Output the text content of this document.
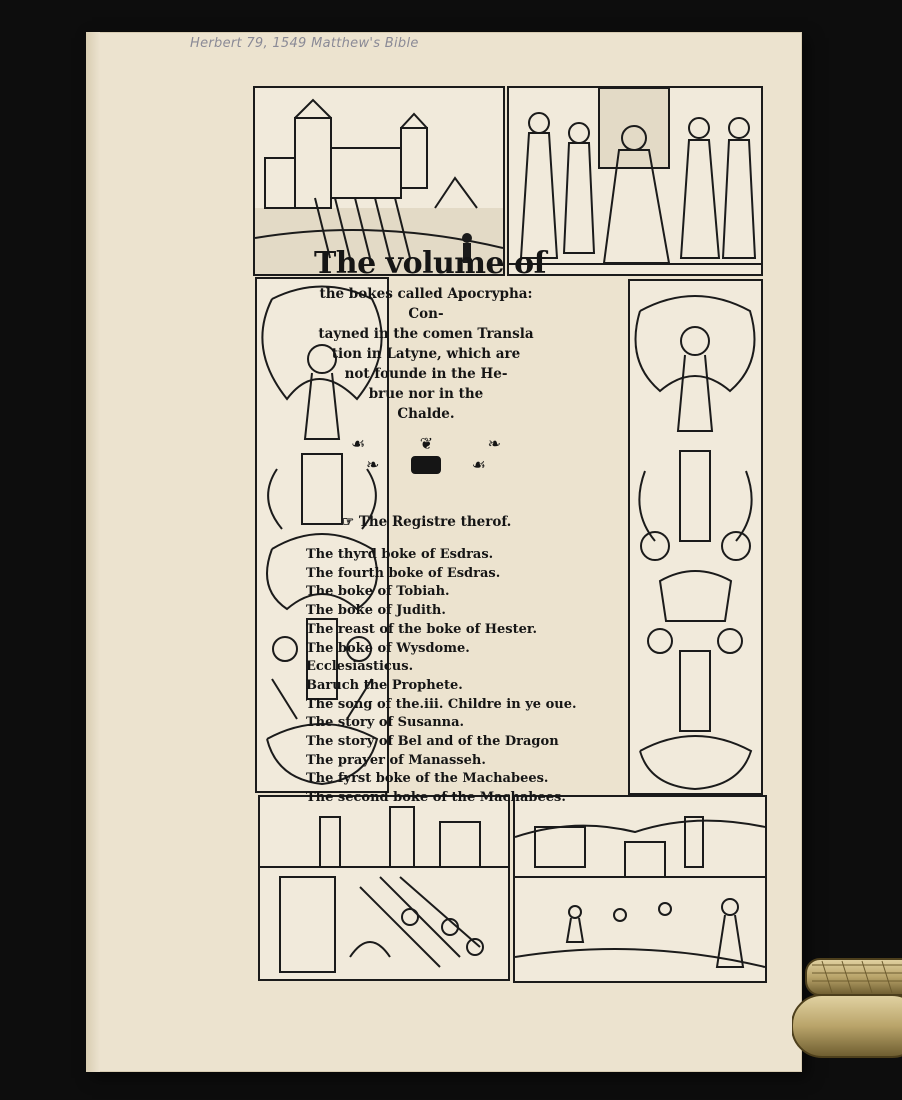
Herbert 79, 1549 Matthew's Bible
The volume of
the bokes called Apocrypha: Con-
tayned in the comen Transla
tion in Latyne, which are
not founde in the He-
brue nor in the
Chalde.
☙	❦	❧
❧	☙
☞ The Registre therof.
The thyrd boke of Esdras.
The fourth boke of Esdras.
The boke of Tobiah.
The boke of Judith.
The reast of the boke of Hester.
The boke of Wysdome.
Ecclesiasticus.
Baruch the Prophete.
The song of the.iii. Childre in ye oue.
The story of Susanna.
The story of Bel and of the Dragon
The prayer of Manasseh.
The fyrst boke of the Machabees.
The second boke of the Machabees.
